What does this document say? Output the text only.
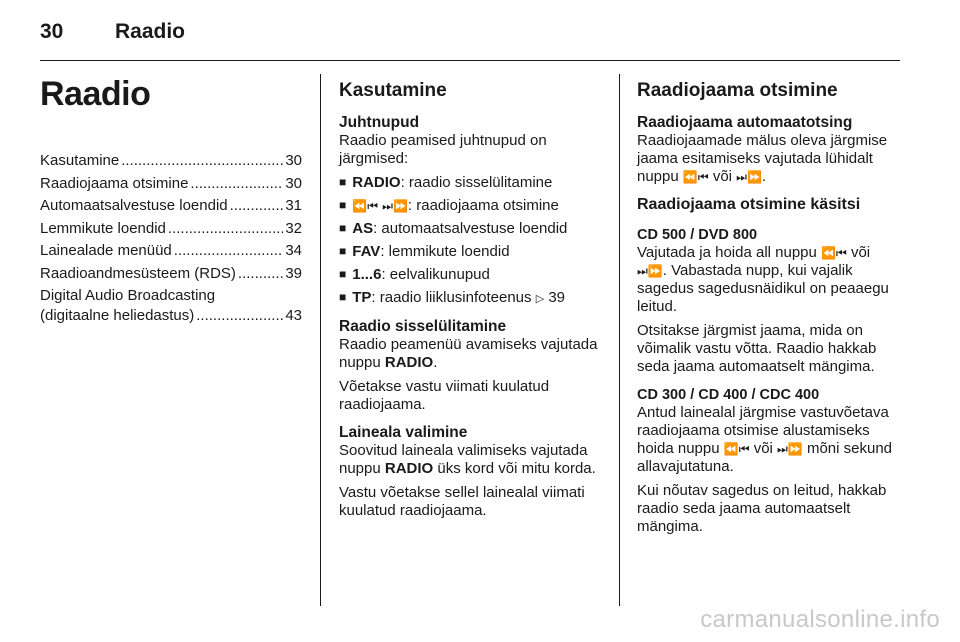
30 Raadio
Raadio
Kasutamine .....	30
Raadiojaama otsimine .....	30
Automaatsalvestuse loendid .....	31
Lemmikute loendid .....	32
Lainealade menüüd .....	34
Raadioandmesüsteem (RDS) .....	39
Digital Audio Broadcasting
(digitaalne heliedastus) .....	43
Kasutamine
Juhtnupud

Raadio peamised juhtnupud on järgmised:

■ RADIO: raadio sisselülitamine
■ ⏪⏮ ⏭⏩: raadiojaama otsimine
■ AS: automaatsalvestuse loendid
■ FAV: lemmikute loendid
■ 1...6: eelvalikunupud
■ TP: raadio liiklusinfoteenus ▷ 39
Raadio sisselülitamine

Raadio peamenüü avamiseks vajutada nuppu RADIO.

Võetakse vastu viimati kuulatud raadiojaama.

Laineala valimine

Soovitud laineala valimiseks vajutada nuppu RADIO üks kord või mitu korda.

Vastu võetakse sellel lainealal viimati kuulatud raadiojaama.

Raadiojaama otsimine
Raadiojaama automaatotsing

Raadiojaamade mälus oleva järgmise jaama esitamiseks vajutada lühidalt nuppu ⏪⏮ või ⏭⏩.

Raadiojaama otsimine käsitsi
CD 500 / DVD 800

Vajutada ja hoida all nuppu ⏪⏮ või ⏭⏩. Vabastada nupp, kui vajalik sagedus sagedusnäidikul on peaaegu leitud.

Otsitakse järgmist jaama, mida on võimalik vastu võtta. Raadio hakkab seda jaama automaatselt mängima.

CD 300 / CD 400 / CDC 400

Antud lainealal järgmise vastuvõetava raadiojaama otsimise alustamiseks hoida nuppu ⏪⏮ või ⏭⏩ mõni sekund allavajutatuna.

Kui nõutav sagedus on leitud, hakkab raadio seda jaama automaatselt mängima.

carmanualsonline.info
